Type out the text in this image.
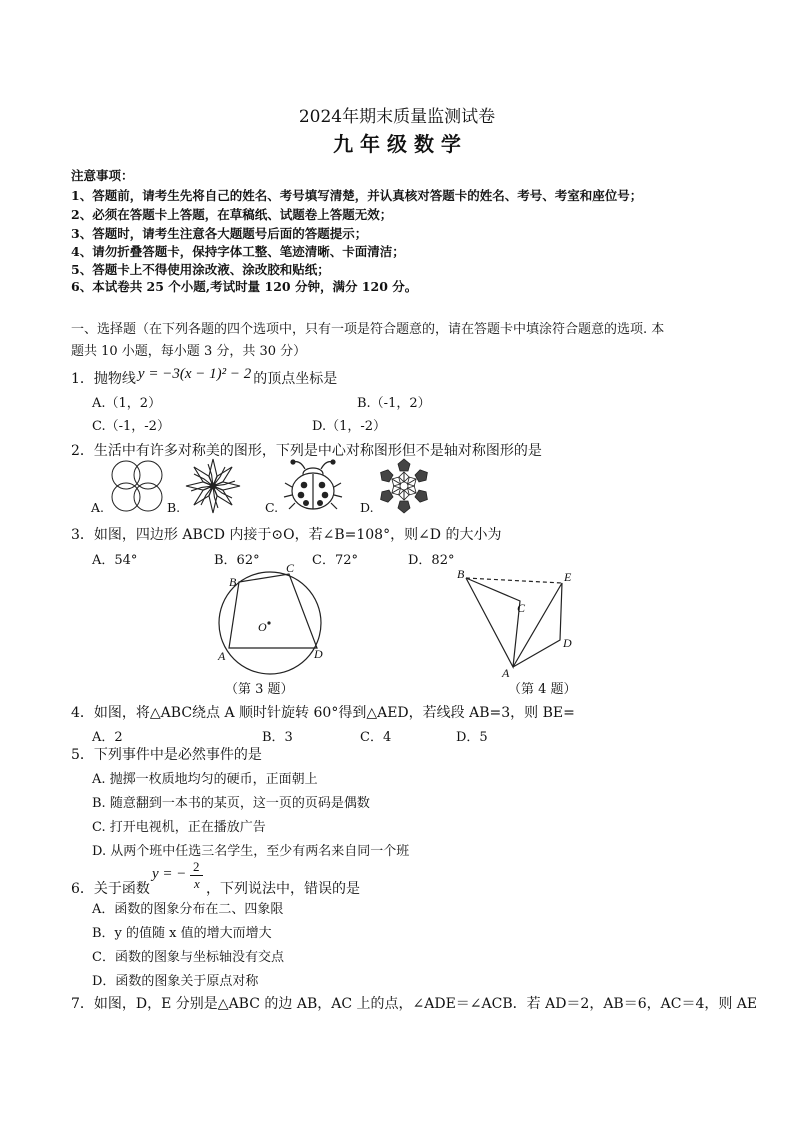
2024年期末质量监测试卷
九 年 级 数 学
注意事项：
1、答题前，请考生先将自己的姓名、考号填写清楚，并认真核对答题卡的姓名、考号、考室和座位号；
2、必须在答题卡上答题，在草稿纸、试题卷上答题无效；
3、答题时，请考生注意各大题题号后面的答题提示；
4、请勿折叠答题卡，保持字体工整、笔迹清晰、卡面清洁；
5、答题卡上不得使用涂改液、涂改胶和贴纸；
6、本试卷共 25 个小题,考试时量 120 分钟，满分 120 分。
一、选择题（在下列各题的四个选项中，只有一项是符合题意的，请在答题卡中填涂符合题意的选项. 本
题共 10 小题，每小题 3 分，共 30 分）
1．抛物线 y = −3(x − 1)² − 2 的顶点坐标是
A.（1，2）	B.（-1，2）
C.（-1，-2）	D.（1，-2）
2．生活中有许多对称美的图形，下列是中心对称图形但不是轴对称图形的是
A.	B.	C.	D.
3．如图，四边形 ABCD 内接于⊙O，若∠B=108°，则∠D 的大小为
A．54°	B．62°	C．72°	D．82°
B
C
O
A	D
（第 3 题）
B
C
E
D
A
（第 4 题）
4．如图，将△ABC绕点 A 顺时针旋转 60°得到△AED，若线段 AB=3，则 BE=
A．2	B．3	C．4	D．5
5．下列事件中是必然事件的是
A. 抛掷一枚质地均匀的硬币，正面朝上
B. 随意翻到一本书的某页，这一页的页码是偶数
C. 打开电视机，正在播放广告
D. 从两个班中任选三名学生，至少有两名来自同一个班
6．关于函数
y = − 2
x ，下列说法中，错误的是
A．函数的图象分布在二、四象限
B．y 的值随 x 值的增大而增大
C．函数的图象与坐标轴没有交点
D．函数的图象关于原点对称
7．如图，D，E 分别是△ABC 的边 AB，AC 上的点，∠ADE＝∠ACB．若 AD＝2，AB＝6，AC＝4，则 AE
